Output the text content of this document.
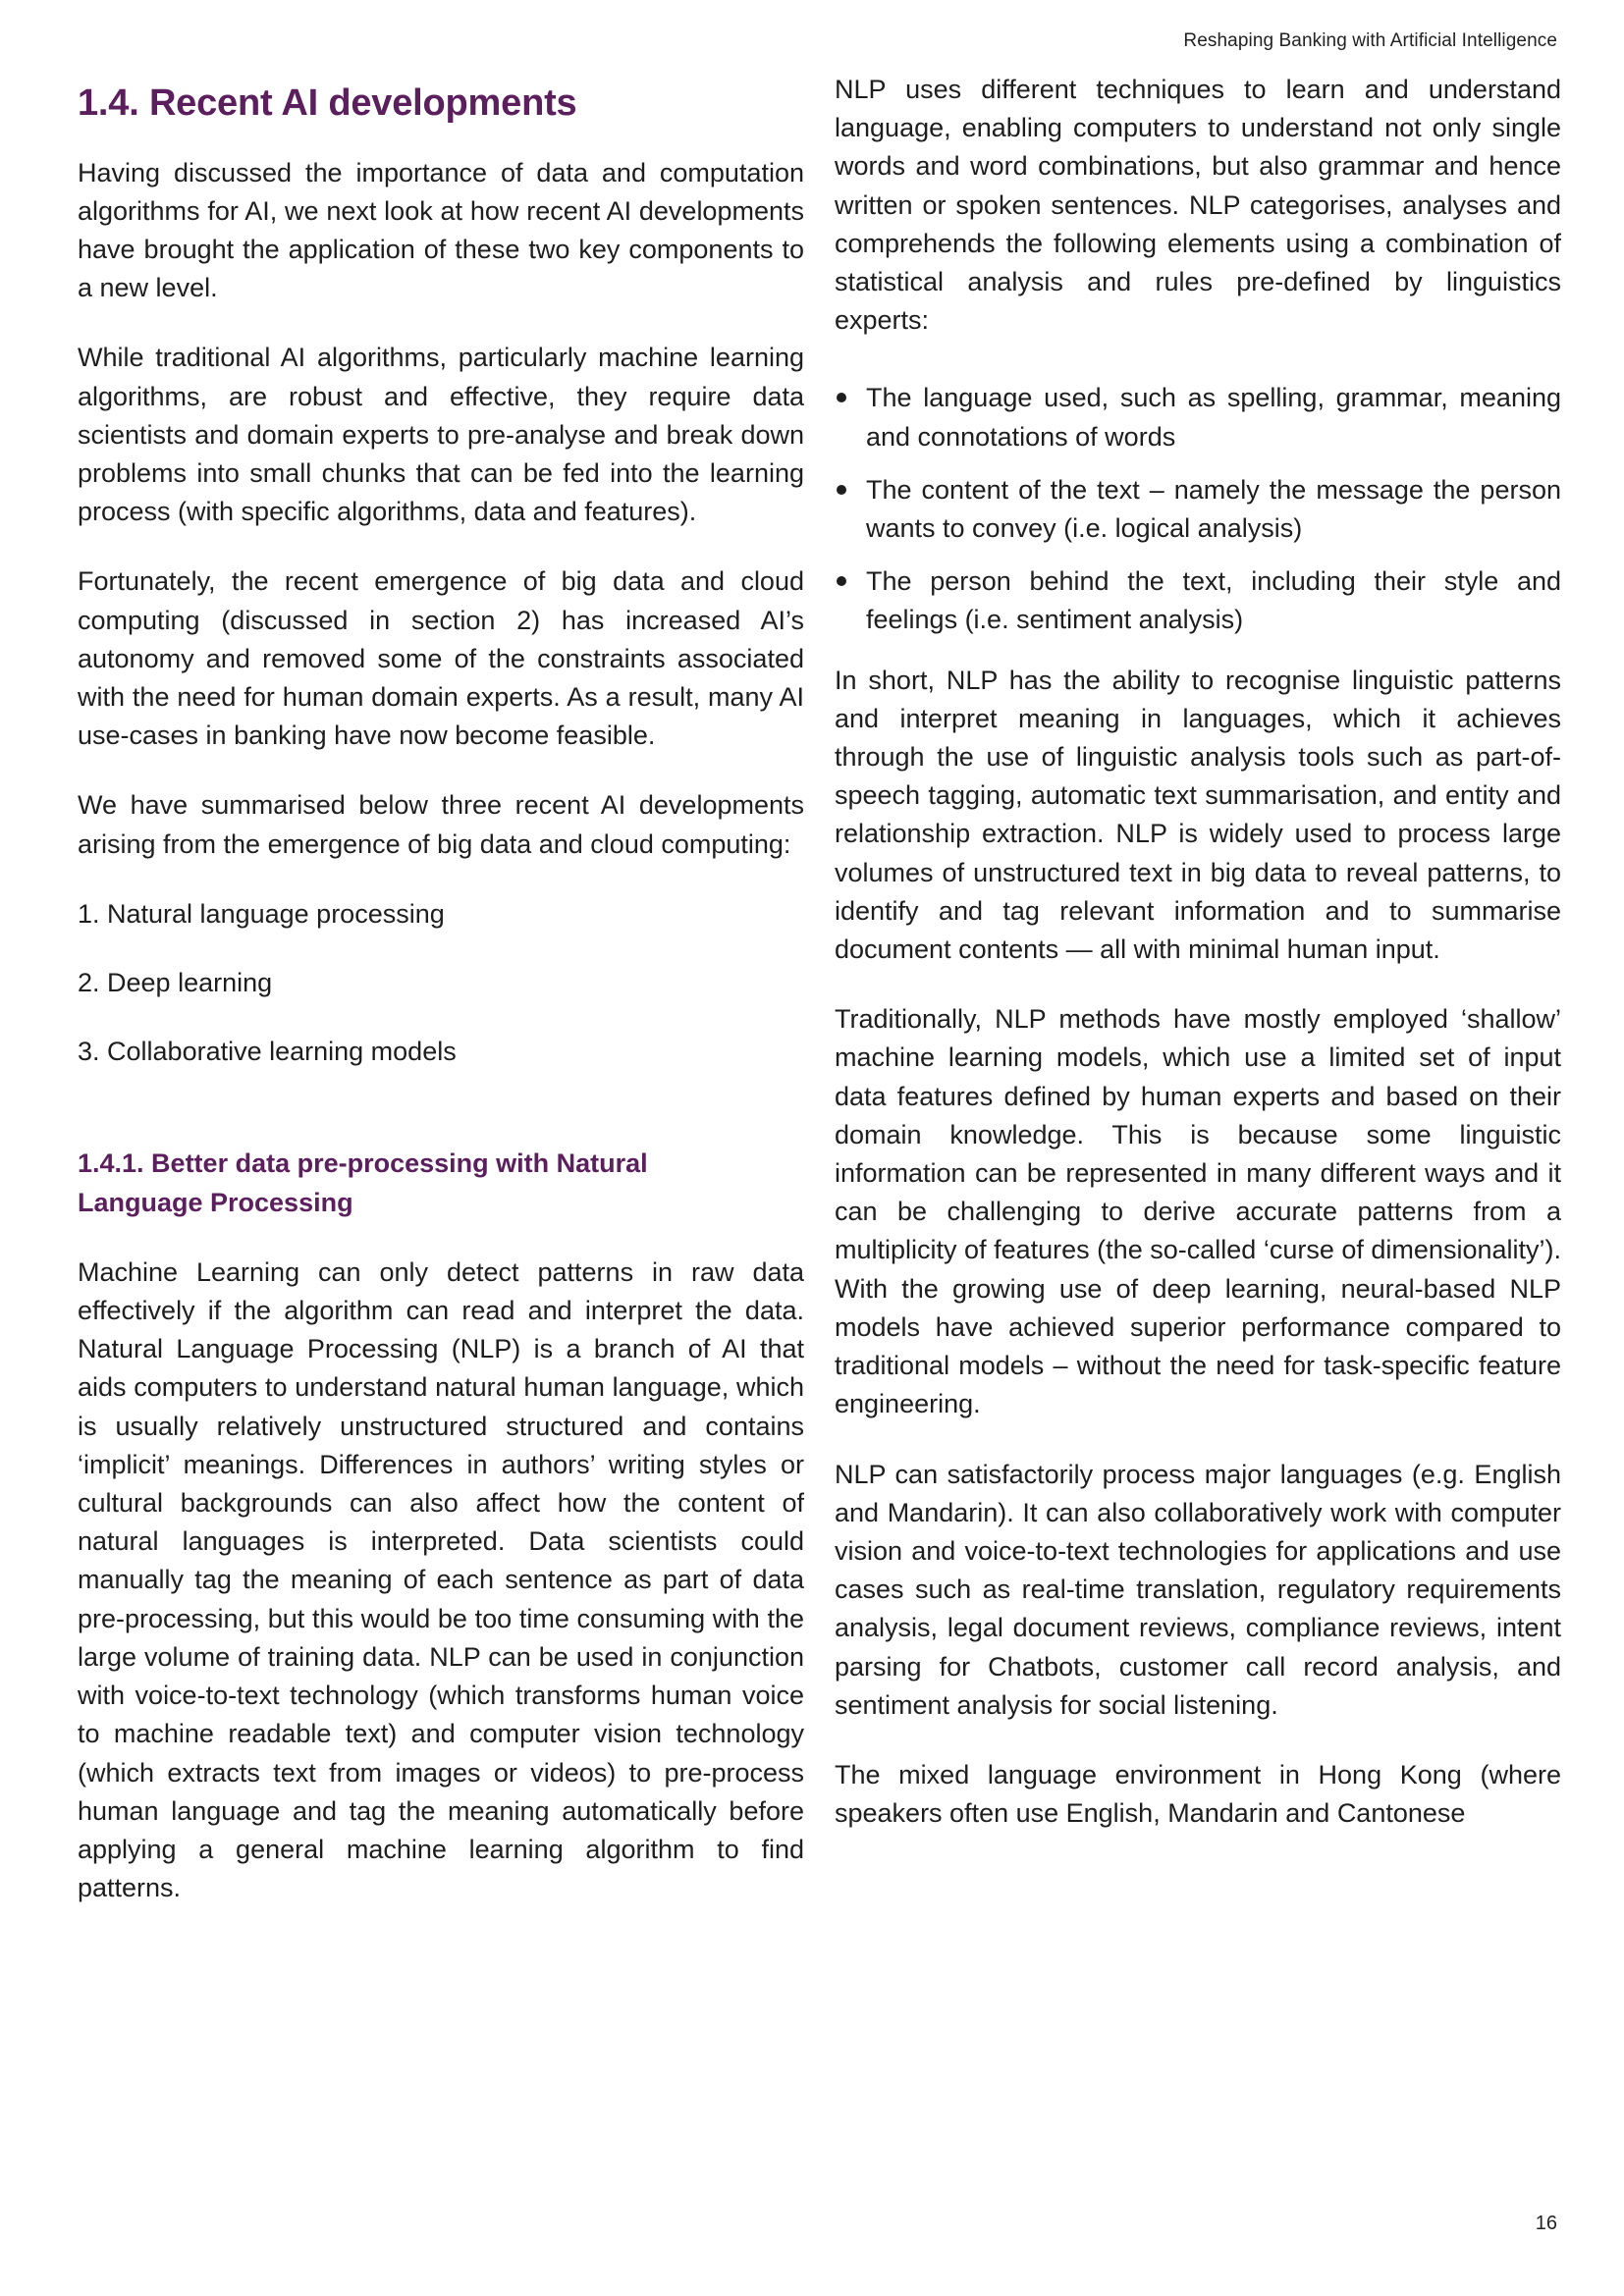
Reshaping Banking with Artificial Intelligence
1.4. Recent AI developments

Having discussed the importance of data and computation algorithms for AI, we next look at how recent AI developments have brought the application of these two key components to a new level.

While traditional AI algorithms, particularly machine learning algorithms, are robust and effective, they require data scientists and domain experts to pre-analyse and break down problems into small chunks that can be fed into the learning process (with specific algorithms, data and features).

Fortunately, the recent emergence of big data and cloud computing (discussed in section 2) has increased AI’s autonomy and removed some of the constraints associated with the need for human domain experts. As a result, many AI use-cases in banking have now become feasible.

We have summarised below three recent AI developments arising from the emergence of big data and cloud computing:

1. Natural language processing
2. Deep learning
3. Collaborative learning models
1.4.1. Better data pre-processing with Natural Language Processing

Machine Learning can only detect patterns in raw data effectively if the algorithm can read and interpret the data. Natural Language Processing (NLP) is a branch of AI that aids computers to understand natural human language, which is usually relatively unstructured structured and contains ‘implicit’ meanings. Differences in authors’ writing styles or cultural backgrounds can also affect how the content of natural languages is interpreted. Data scientists could manually tag the meaning of each sentence as part of data pre-processing, but this would be too time consuming with the large volume of training data. NLP can be used in conjunction with voice-to-text technology (which transforms human voice to machine readable text) and computer vision technology (which extracts text from images or videos) to pre-process human language and tag the meaning automatically before applying a general machine learning algorithm to find patterns.

NLP uses different techniques to learn and understand language, enabling computers to understand not only single words and word combinations, but also grammar and hence written or spoken sentences. NLP categorises, analyses and comprehends the following elements using a combination of statistical analysis and rules pre-defined by linguistics experts:

The language used, such as spelling, grammar, meaning and connotations of words
The content of the text – namely the message the person wants to convey (i.e. logical analysis)
The person behind the text, including their style and feelings (i.e. sentiment analysis)

In short, NLP has the ability to recognise linguistic patterns and interpret meaning in languages, which it achieves through the use of linguistic analysis tools such as part-of-speech tagging, automatic text summarisation, and entity and relationship extraction. NLP is widely used to process large volumes of unstructured text in big data to reveal patterns, to identify and tag relevant information and to summarise document contents — all with minimal human input.

Traditionally, NLP methods have mostly employed ‘shallow’ machine learning models, which use a limited set of input data features defined by human experts and based on their domain knowledge. This is because some linguistic information can be represented in many different ways and it can be challenging to derive accurate patterns from a multiplicity of features (the so-called ‘curse of dimensionality’). With the growing use of deep learning, neural-based NLP models have achieved superior performance compared to traditional models – without the need for task-specific feature engineering.

NLP can satisfactorily process major languages (e.g. English and Mandarin). It can also collaboratively work with computer vision and voice-to-text technologies for applications and use cases such as real-time translation, regulatory requirements analysis, legal document reviews, compliance reviews, intent parsing for Chatbots, customer call record analysis, and sentiment analysis for social listening.

The mixed language environment in Hong Kong (where speakers often use English, Mandarin and Cantonese

16
